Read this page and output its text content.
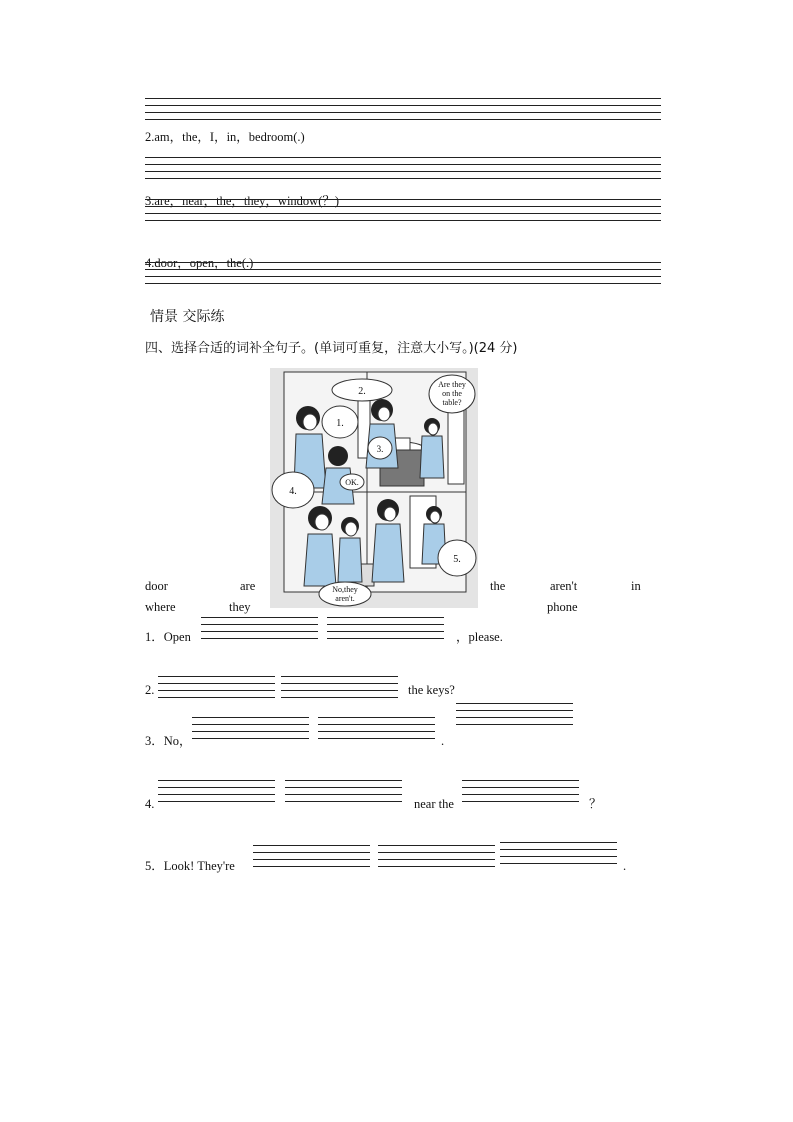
2.am，the，I，in，bedroom(.)
3.are，near，the，they，window(？)
4.door，open，the(.)
情景 交际练
四、选择合适的词补全句子。(单词可重复，注意大小写。)(24 分)
2.
Are they
on the
table?
1.
3.
OK.
4.
5.
No,they
aren't.
door	are	the	aren't	in
where	they	phone
1．Open	，please.
2.	the keys?
3．No，	.
4.	near the	？
5．Look! They're	.
